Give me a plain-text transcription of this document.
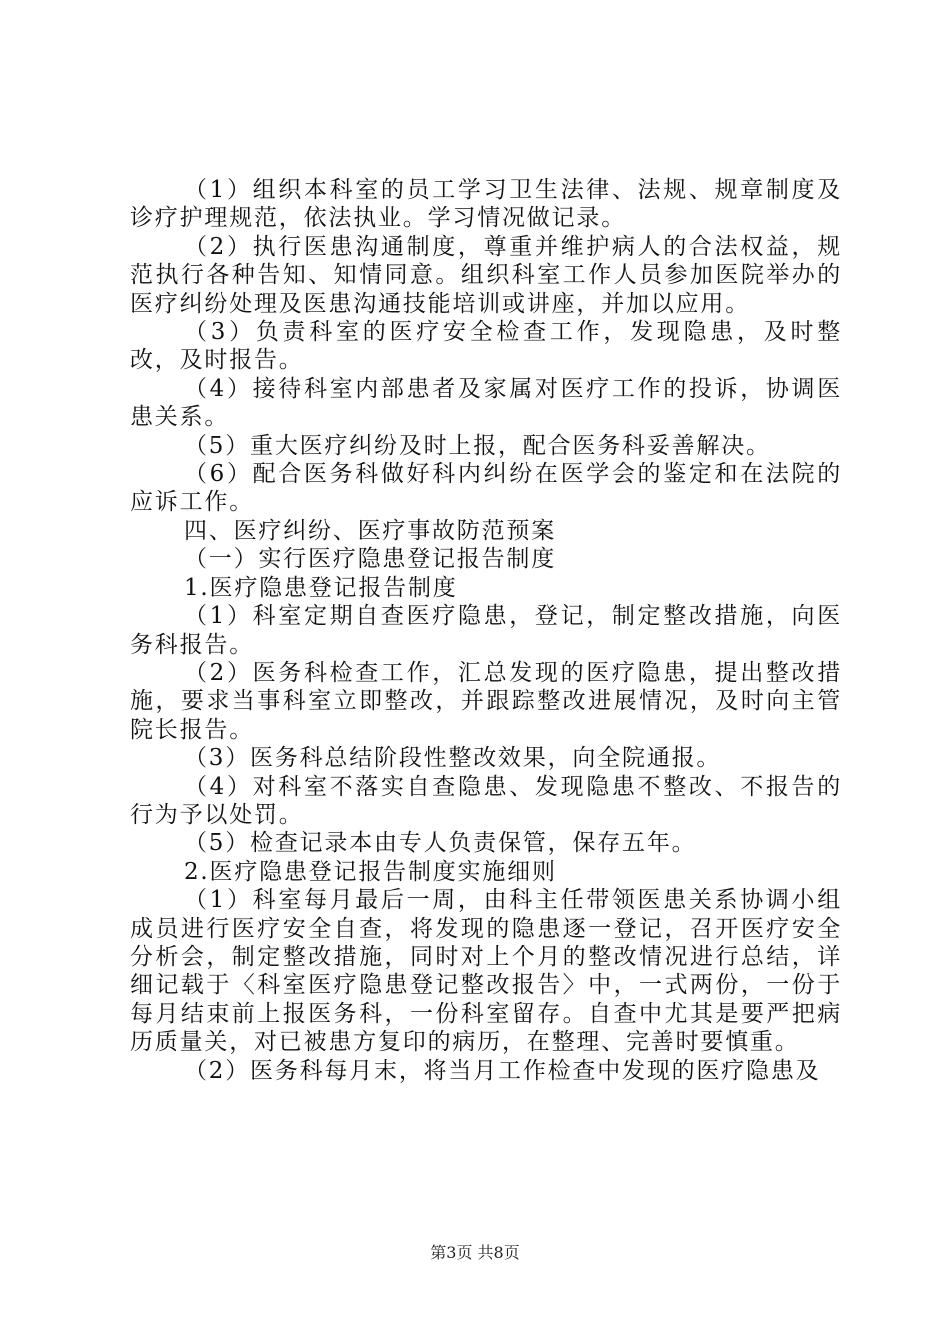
（1）组织本科室的员工学习卫生法律、法规、规章制度及诊疗护理规范，依法执业。学习情况做记录。

（2）执行医患沟通制度，尊重并维护病人的合法权益，规范执行各种告知、知情同意。组织科室工作人员参加医院举办的医疗纠纷处理及医患沟通技能培训或讲座，并加以应用。

（3）负责科室的医疗安全检查工作，发现隐患，及时整改，及时报告。

（4）接待科室内部患者及家属对医疗工作的投诉，协调医患关系。

（5）重大医疗纠纷及时上报，配合医务科妥善解决。

（6）配合医务科做好科内纠纷在医学会的鉴定和在法院的应诉工作。

四、医疗纠纷、医疗事故防范预案

（一）实行医疗隐患登记报告制度

1.医疗隐患登记报告制度

（1）科室定期自查医疗隐患，登记，制定整改措施，向医务科报告。

（2）医务科检查工作，汇总发现的医疗隐患，提出整改措施，要求当事科室立即整改，并跟踪整改进展情况，及时向主管院长报告。

（3）医务科总结阶段性整改效果，向全院通报。

（4）对科室不落实自查隐患、发现隐患不整改、不报告的行为予以处罚。

（5）检查记录本由专人负责保管，保存五年。

2.医疗隐患登记报告制度实施细则

（1）科室每月最后一周，由科主任带领医患关系协调小组成员进行医疗安全自查，将发现的隐患逐一登记，召开医疗安全分析会，制定整改措施，同时对上个月的整改情况进行总结，详细记载于〈科室医疗隐患登记整改报告〉中，一式两份，一份于每月结束前上报医务科，一份科室留存。自查中尤其是要严把病历质量关，对已被患方复印的病历，在整理、完善时要慎重。

（2）医务科每月末，将当月工作检查中发现的医疗隐患及

第3页 共8页
